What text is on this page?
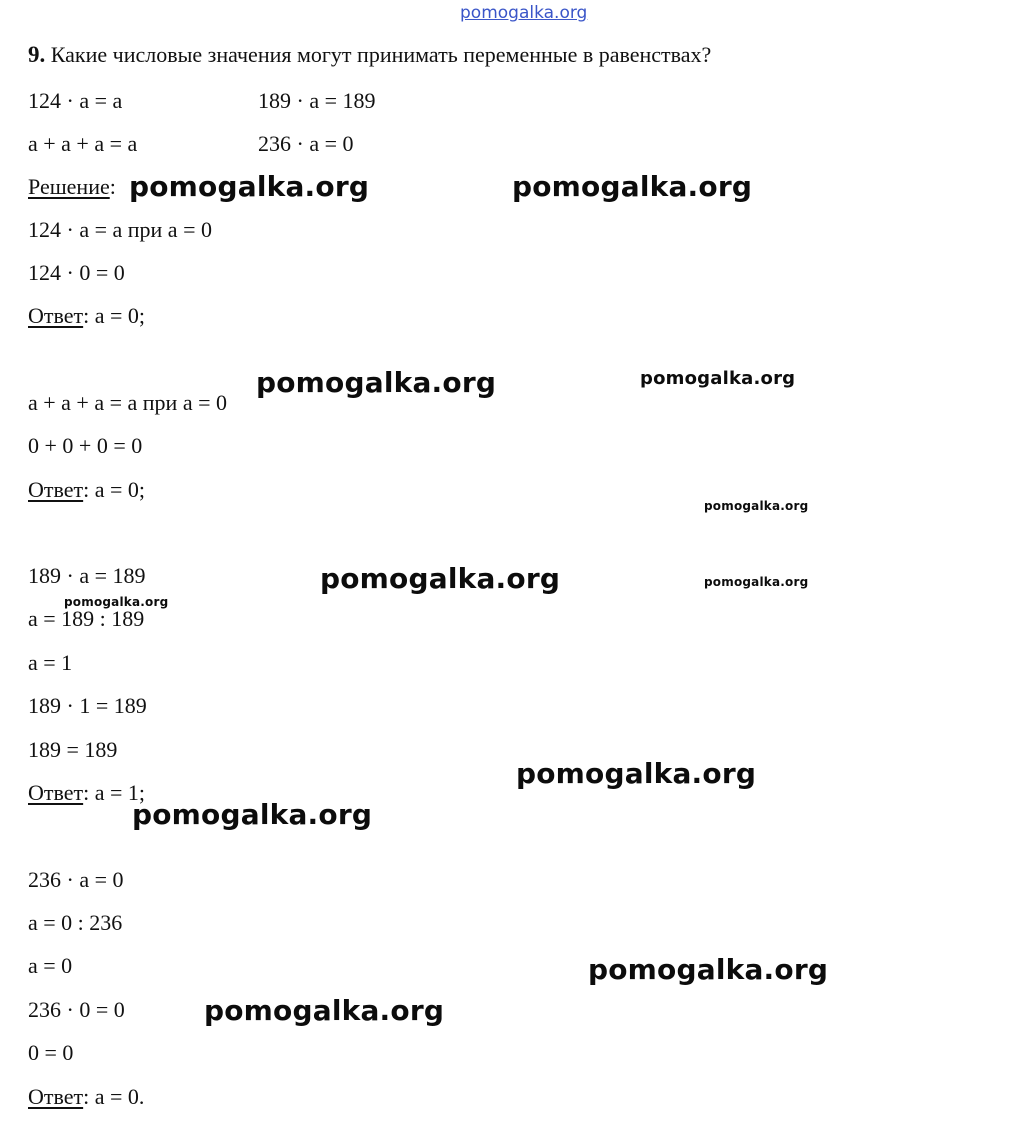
pomogalka.org
9. Какие числовые значения могут принимать переменные в равенствах?
124 · a = a	189 · a = 189
a + a + a = a	236 · a = 0
Решение:
124 · a = a при a = 0
124 · 0 = 0
Ответ: a = 0;
a + a + a = a при a = 0
0 + 0 + 0 = 0
Ответ: a = 0;
189 · a = 189
a = 189 : 189
a = 1
189 · 1 = 189
189 = 189
Ответ: a = 1;
236 · a = 0
a = 0 : 236
a = 0
236 · 0 = 0
0 = 0
Ответ: a = 0.
pomogalka.org	pomogalka.org
pomogalka.org	pomogalka.org
pomogalka.org
pomogalka.org	pomogalka.org
pomogalka.org
pomogalka.org
pomogalka.org
pomogalka.org
pomogalka.org
